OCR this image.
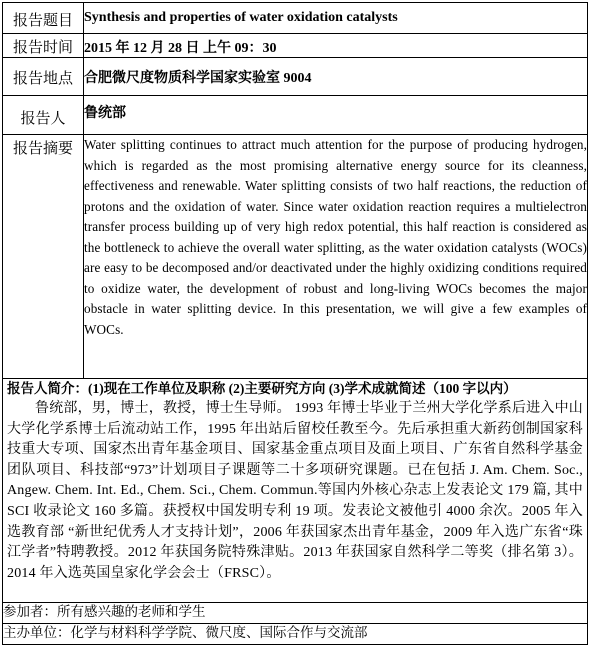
报告题目	Synthesis and properties of water oxidation catalysts
报告时间	2015 年 12 月 28 日 上午 09：30
报告地点	合肥微尺度物质科学国家实验室 9004
报告人	鲁统部
报告摘要	Water splitting continues to attract much attention for the purpose of producing hydrogen, which is regarded as the most promising alternative energy source for its cleanness, effectiveness and renewable. Water splitting consists of two half reactions, the reduction of protons and the oxidation of water. Since water oxidation reaction requires a multielectron transfer process building up of very high redox potential, this half reaction is considered as the bottleneck to achieve the overall water splitting, as the water oxidation catalysts (WOCs) are easy to be decomposed and/or deactivated under the highly oxidizing conditions required to oxidize water, the development of robust and long-living WOCs becomes the major obstacle in water splitting device. In this presentation, we will give a few examples of WOCs.

报告人简介：(1)现在工作单位及职称 (2)主要研究方向 (3)学术成就简述（100 字以内）
鲁统部，男，博士，教授，博士生导师。 1993 年博士毕业于兰州大学化学系后进入中山大学化学系博士后流动站工作，1995 年出站后留校任教至今。先后承担重大新药创制国家科技重大专项、国家杰出青年基金项目、国家基金重点项目及面上项目、广东省自然科学基金团队项目、科技部“973”计划项目子课题等二十多项研究课题。已在包括 J. Am. Chem. Soc., Angew. Chem. Int. Ed., Chem. Sci., Chem. Commun.等国内外核心杂志上发表论文 179 篇, 其中 SCI 收录论文 160 多篇。获授权中国发明专利 19 项。发表论文被他引 4000 余次。2005 年入选教育部 “新世纪优秀人才支持计划”，2006 年获国家杰出青年基金，2009 年入选广东省“珠江学者”特聘教授。2012 年获国务院特殊津贴。2013 年获国家自然科学二等奖（排名第 3）。2014 年入选英国皇家化学会会士（FRSC）。	

参加者：所有感兴趣的老师和学生	
主办单位：化学与材料科学学院、微尺度、国际合作与交流部	
